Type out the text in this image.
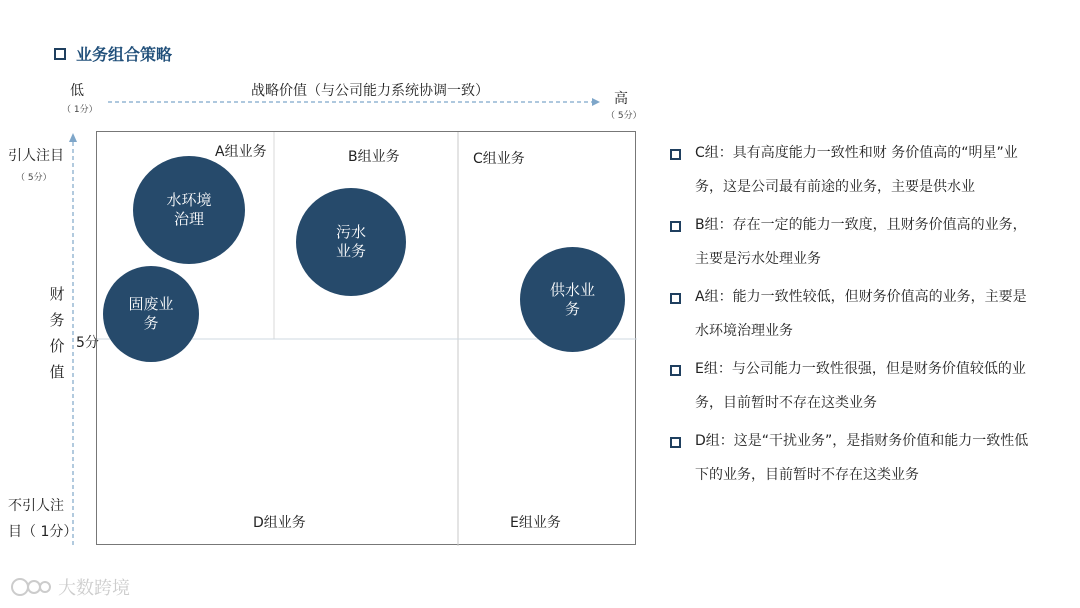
业务组合策略
低
（ 1分）
战略价值（与公司能力系统协调一致）	高
（ 5分）
引人注目
（ 5分）
财
务
价
值
5分
不引人注
目（ 1分）
A组业务	B组业务	C组业务
D组业务	E组业务
水环境
治理
污水
业务
固废业
务
供水业
务
C组：具有高度能力一致性和财 务价值高的“明星”业务，这是公司最有前途的业务，主要是供水业
B组：存在一定的能力一致度，且财务价值高的业务，主要是污水处理业务
A组：能力一致性较低，但财务价值高的业务，主要是水环境治理业务
E组：与公司能力一致性很强，但是财务价值较低的业务，目前暂时不存在这类业务
D组：这是“干扰业务”，是指财务价值和能力一致性低下的业务，目前暂时不存在这类业务
大数跨境
